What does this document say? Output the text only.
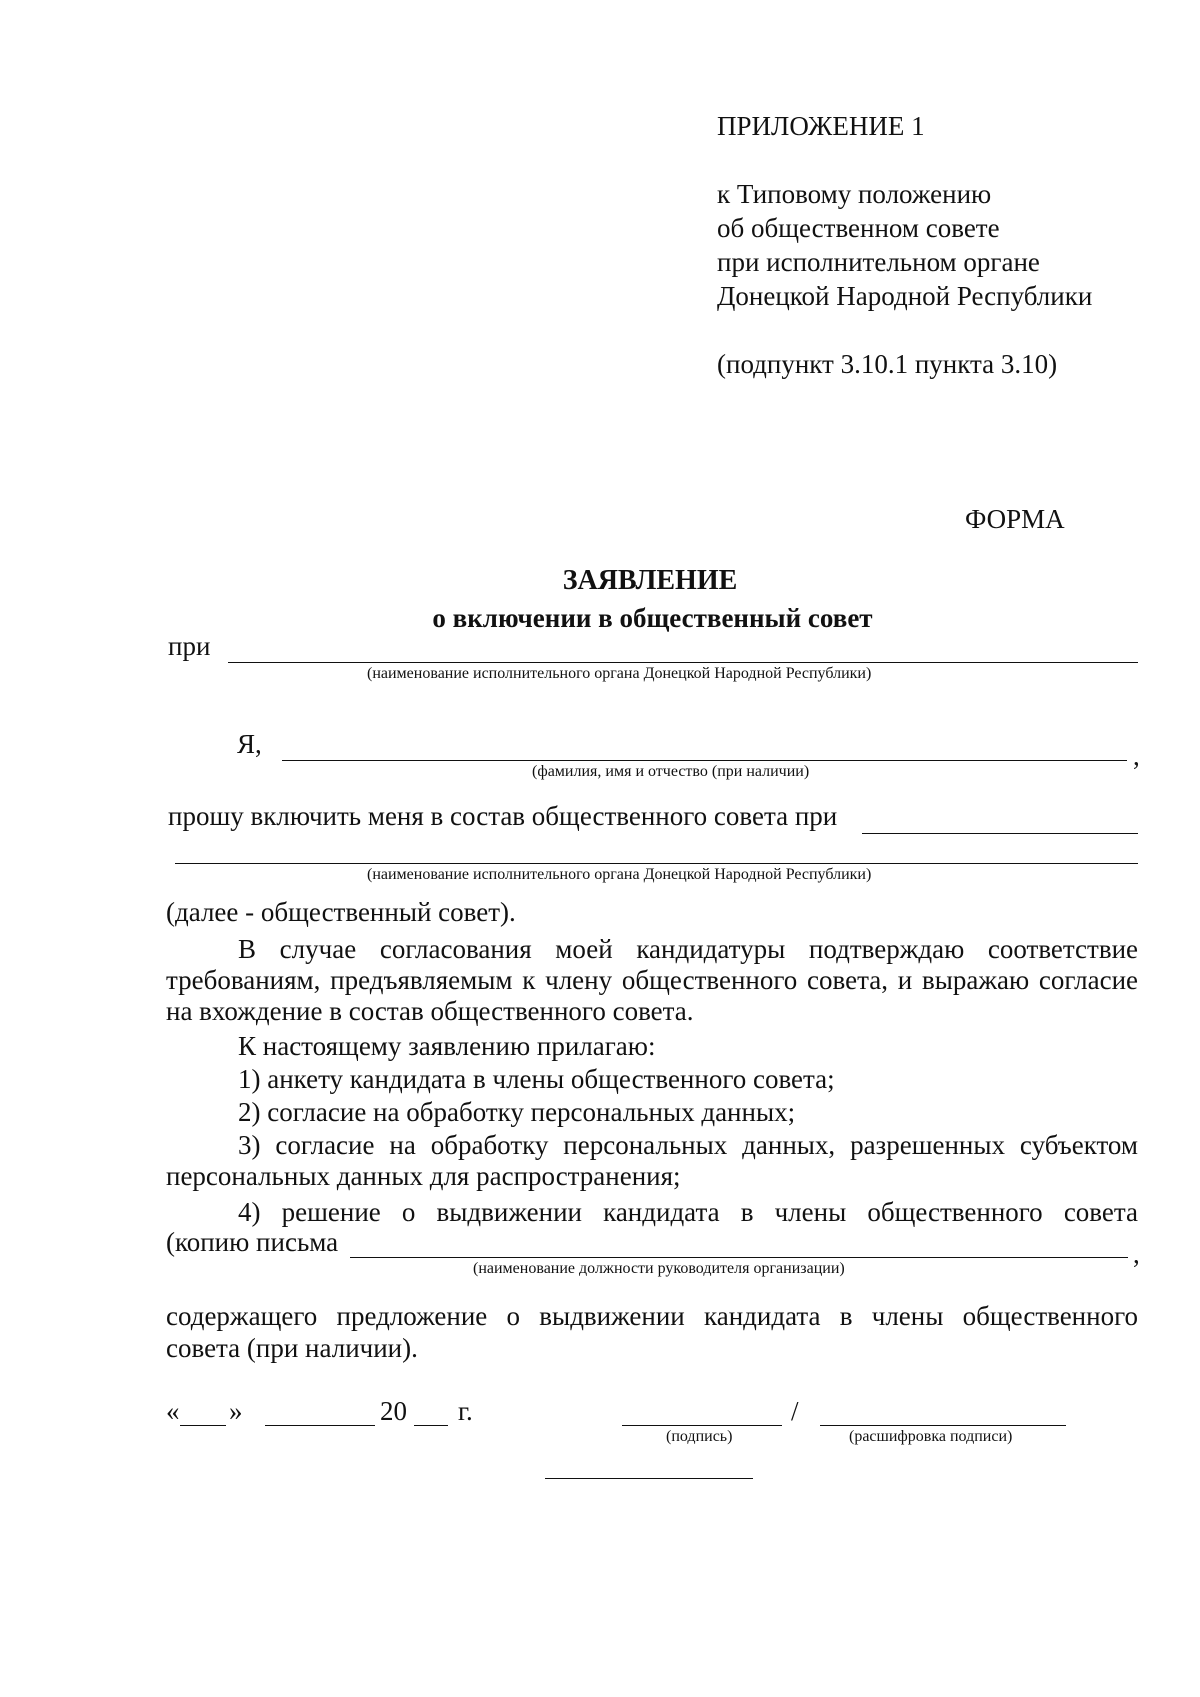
ПРИЛОЖЕНИЕ 1
к Типовому положению
об общественном совете
при исполнительном органе
Донецкой Народной Республики
(подпункт 3.10.1 пункта 3.10)
ФОРМА
ЗАЯВЛЕНИЕ
о включении в общественный совет
при
(наименование исполнительного органа Донецкой Народной Республики)
Я,	,
(фамилия, имя и отчество (при наличии)
прошу включить меня в состав общественного совета при
(наименование исполнительного органа Донецкой Народной Республики)
(далее - общественный совет).
В случае согласования моей кандидатуры подтверждаю соответствие
требованиям, предъявляемым к члену общественного совета, и выражаю согласие
на вхождение в состав общественного совета.
К настоящему заявлению прилагаю:
1) анкету кандидата в члены общественного совета;
2) согласие на обработку персональных данных;
3) согласие на обработку персональных данных, разрешенных субъектом
персональных данных для распространения;
4) решение о выдвижении кандидата в члены общественного совета
(копию письма	,
(наименование должности руководителя организации)
содержащего предложение о выдвижении кандидата в члены общественного
совета (при наличии).
« »	20 г.	/
(подпись)	(расшифровка подписи)
